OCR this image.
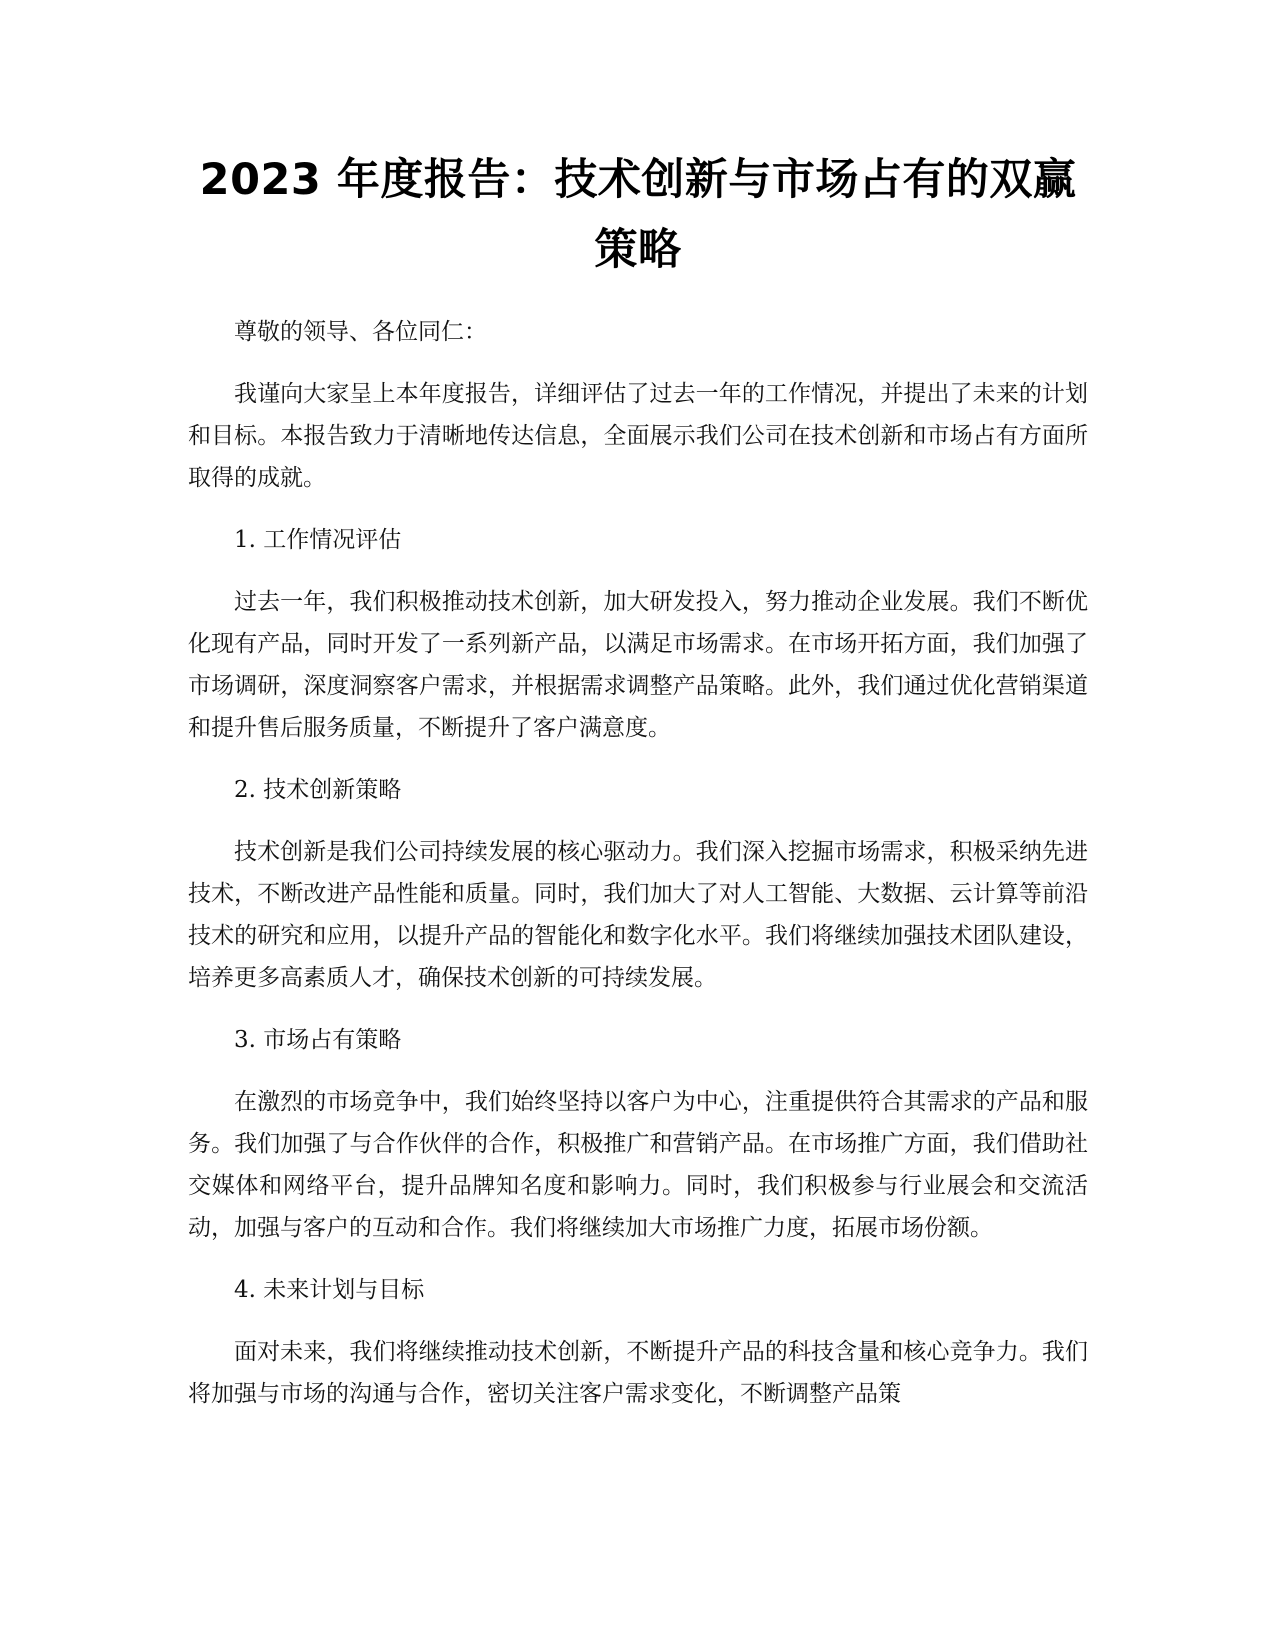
2023 年度报告：技术创新与市场占有的双赢
策略

尊敬的领导、各位同仁：

我谨向大家呈上本年度报告，详细评估了过去一年的工作情况，并提出了未来的计划和目标。本报告致力于清晰地传达信息，全面展示我们公司在技术创新和市场占有方面所取得的成就。

1. 工作情况评估

过去一年，我们积极推动技术创新，加大研发投入，努力推动企业发展。我们不断优化现有产品，同时开发了一系列新产品，以满足市场需求。在市场开拓方面，我们加强了市场调研，深度洞察客户需求，并根据需求调整产品策略。此外，我们通过优化营销渠道和提升售后服务质量，不断提升了客户满意度。

2. 技术创新策略

技术创新是我们公司持续发展的核心驱动力。我们深入挖掘市场需求，积极采纳先进技术，不断改进产品性能和质量。同时，我们加大了对人工智能、大数据、云计算等前沿技术的研究和应用，以提升产品的智能化和数字化水平。我们将继续加强技术团队建设，培养更多高素质人才，确保技术创新的可持续发展。

3. 市场占有策略

在激烈的市场竞争中，我们始终坚持以客户为中心，注重提供符合其需求的产品和服务。我们加强了与合作伙伴的合作，积极推广和营销产品。在市场推广方面，我们借助社交媒体和网络平台，提升品牌知名度和影响力。同时，我们积极参与行业展会和交流活动，加强与客户的互动和合作。我们将继续加大市场推广力度，拓展市场份额。

4. 未来计划与目标

面对未来，我们将继续推动技术创新，不断提升产品的科技含量和核心竞争力。我们将加强与市场的沟通与合作，密切关注客户需求变化，不断调整产品策
